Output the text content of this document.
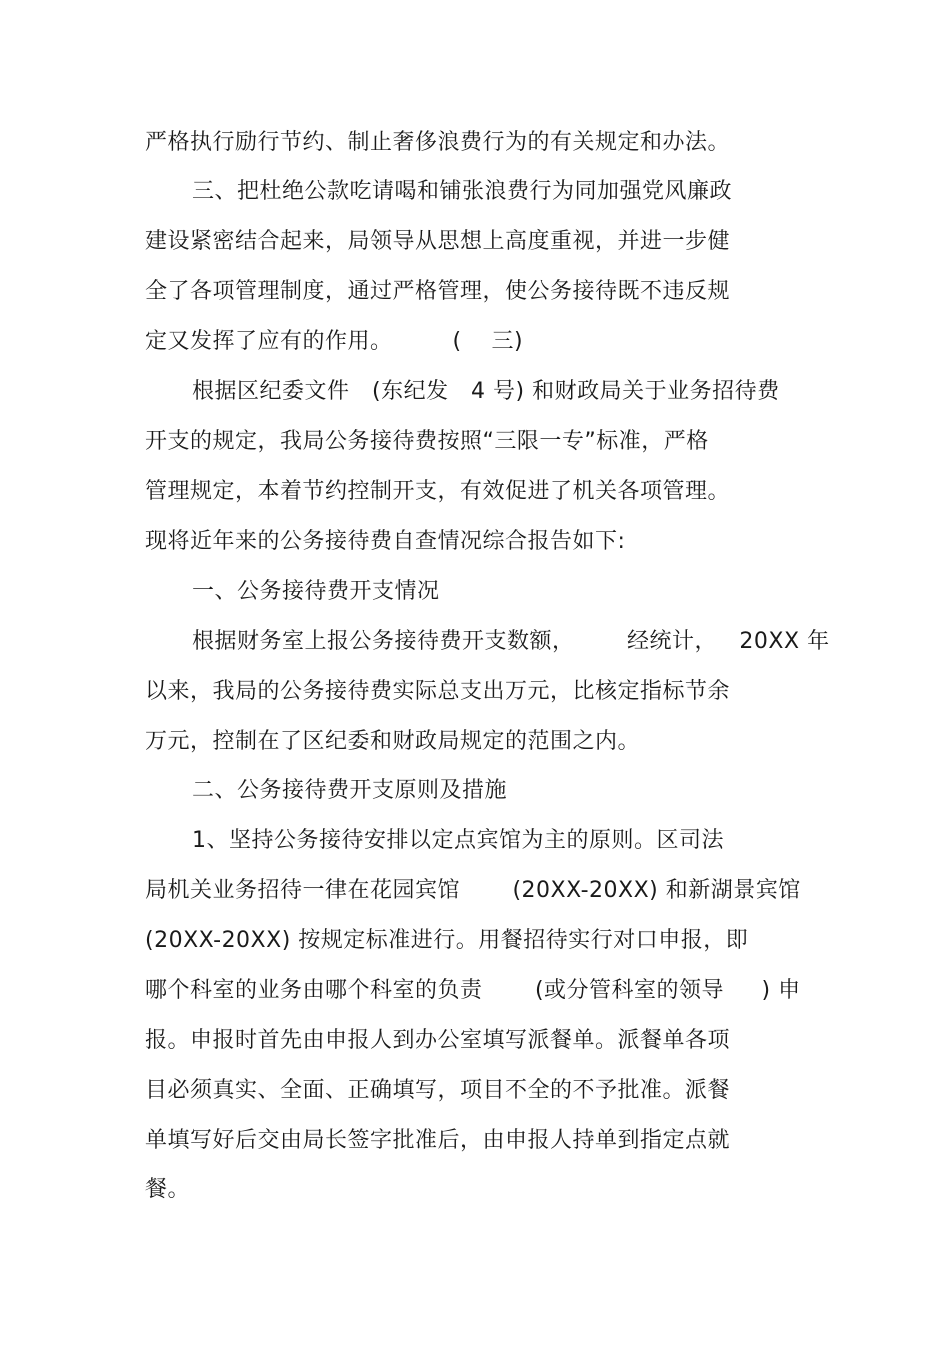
严格执行励行节约、制止奢侈浪费行为的有关规定和办法。
三、把杜绝公款吃请喝和铺张浪费行为同加强党风廉政
建设紧密结合起来，局领导从思想上高度重视，并进一步健
全了各项管理制度，通过严格管理，使公务接待既不违反规
定又发挥了应有的作用。        (    三)
根据区纪委文件   (东纪发   4 号) 和财政局关于业务招待费
开支的规定，我局公务接待费按照“三限一专”标准，严格
管理规定，本着节约控制开支，有效促进了机关各项管理。
现将近年来的公务接待费自查情况综合报告如下:
一、公务接待费开支情况
根据财务室上报公务接待费开支数额，       经统计，   20XX 年
以来，我局的公务接待费实际总支出万元，比核定指标节余
万元，控制在了区纪委和财政局规定的范围之内。
二、公务接待费开支原则及措施
1、坚持公务接待安排以定点宾馆为主的原则。区司法
局机关业务招待一律在花园宾馆       (20XX-20XX) 和新湖景宾馆
(20XX-20XX) 按规定标准进行。用餐招待实行对口申报，即
哪个科室的业务由哪个科室的负责       (或分管科室的领导     ) 申
报。申报时首先由申报人到办公室填写派餐单。派餐单各项
目必须真实、全面、正确填写，项目不全的不予批准。派餐
单填写好后交由局长签字批准后，由申报人持单到指定点就
餐。
